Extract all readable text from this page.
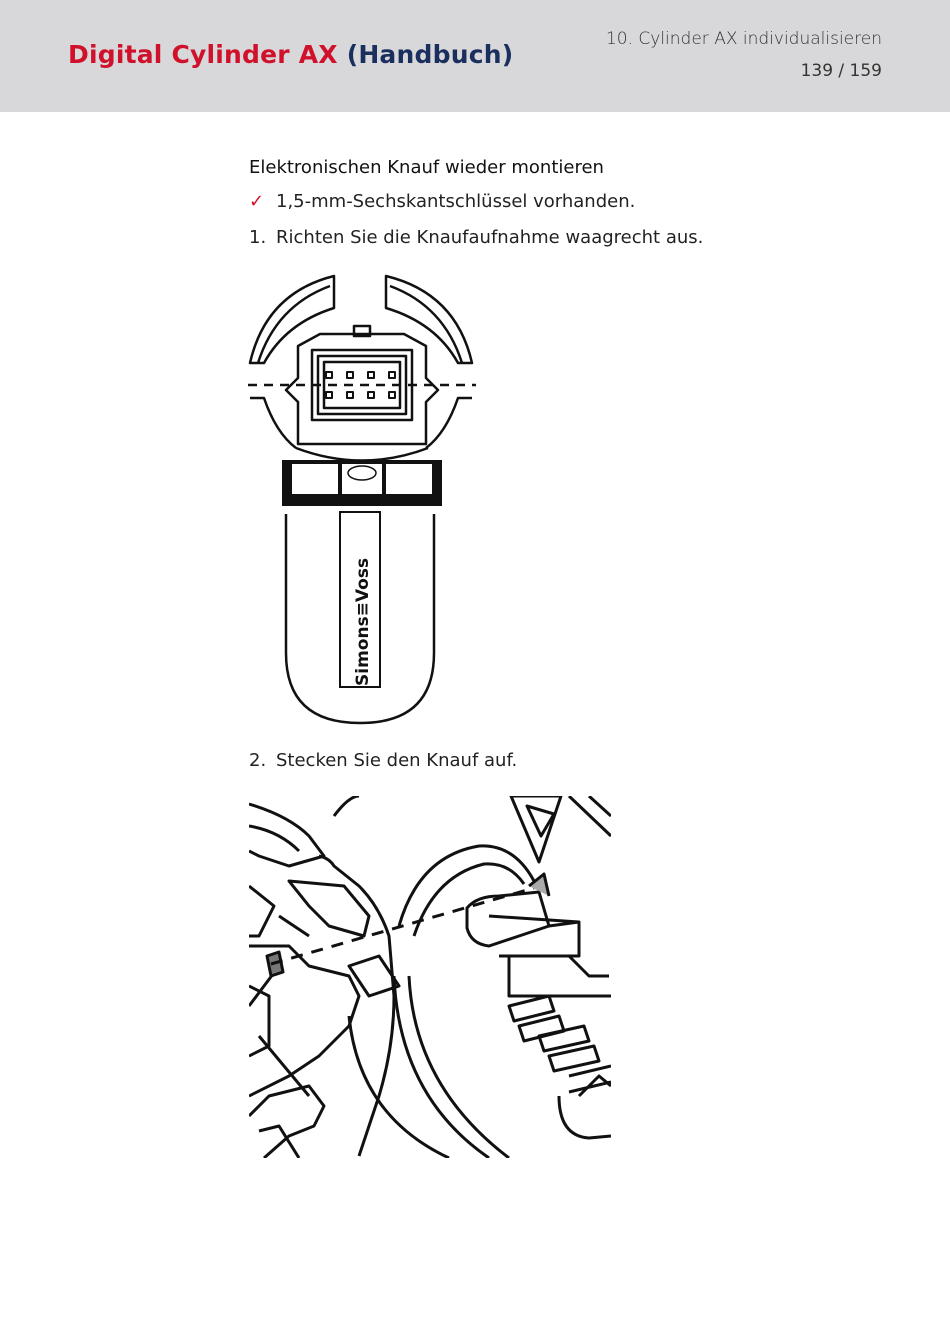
Digital Cylinder AX (Handbuch)
10. Cylinder AX individualisieren
139 / 159
Elektronischen Knauf wieder montieren
✓ 1,5-mm-Sechskantschlüssel vorhanden.
1. Richten Sie die Knaufaufnahme waagrecht aus.
Simons≡Voss
2. Stecken Sie den Knauf auf.
